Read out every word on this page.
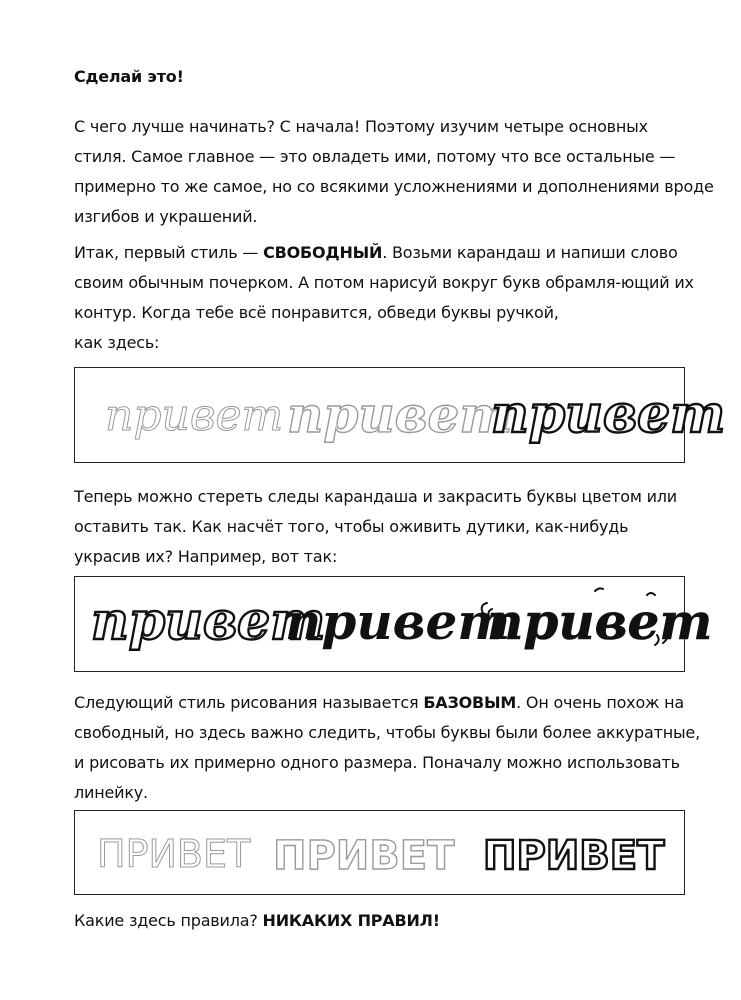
Сделай это!

С чего лучше начинать? С начала! Поэтому изучим четыре основных
стиля. Самое главное — это овладеть ими, потому что все остальные —
примерно то же самое, но со всякими усложнениями и дополнениями вроде
изгибов и украшений.

Итак, первый стиль — СВОБОДНЫЙ. Возьми карандаш и напиши слово
своим обычным почерком. А потом нарисуй вокруг букв обрамля-ющий их
контур. Когда тебе всё понравится, обведи буквы ручкой,
как здесь:

привет привет
привет

Теперь можно стереть следы карандаша и закрасить буквы цветом или
оставить так. Как насчёт того, чтобы оживить дутики, как-нибудь
украсив их? Например, вот так:

привет
привет
привет

Следующий стиль рисования называется БАЗОВЫМ. Он очень похож на
свободный, но здесь важно следить, чтобы буквы были более аккуратные,
и рисовать их примерно одного размера. Поначалу можно использовать
линейку.

ПРИВЕТ ПРИВЕТ ПРИВЕТ

Какие здесь правила? НИКАКИХ ПРАВИЛ!
